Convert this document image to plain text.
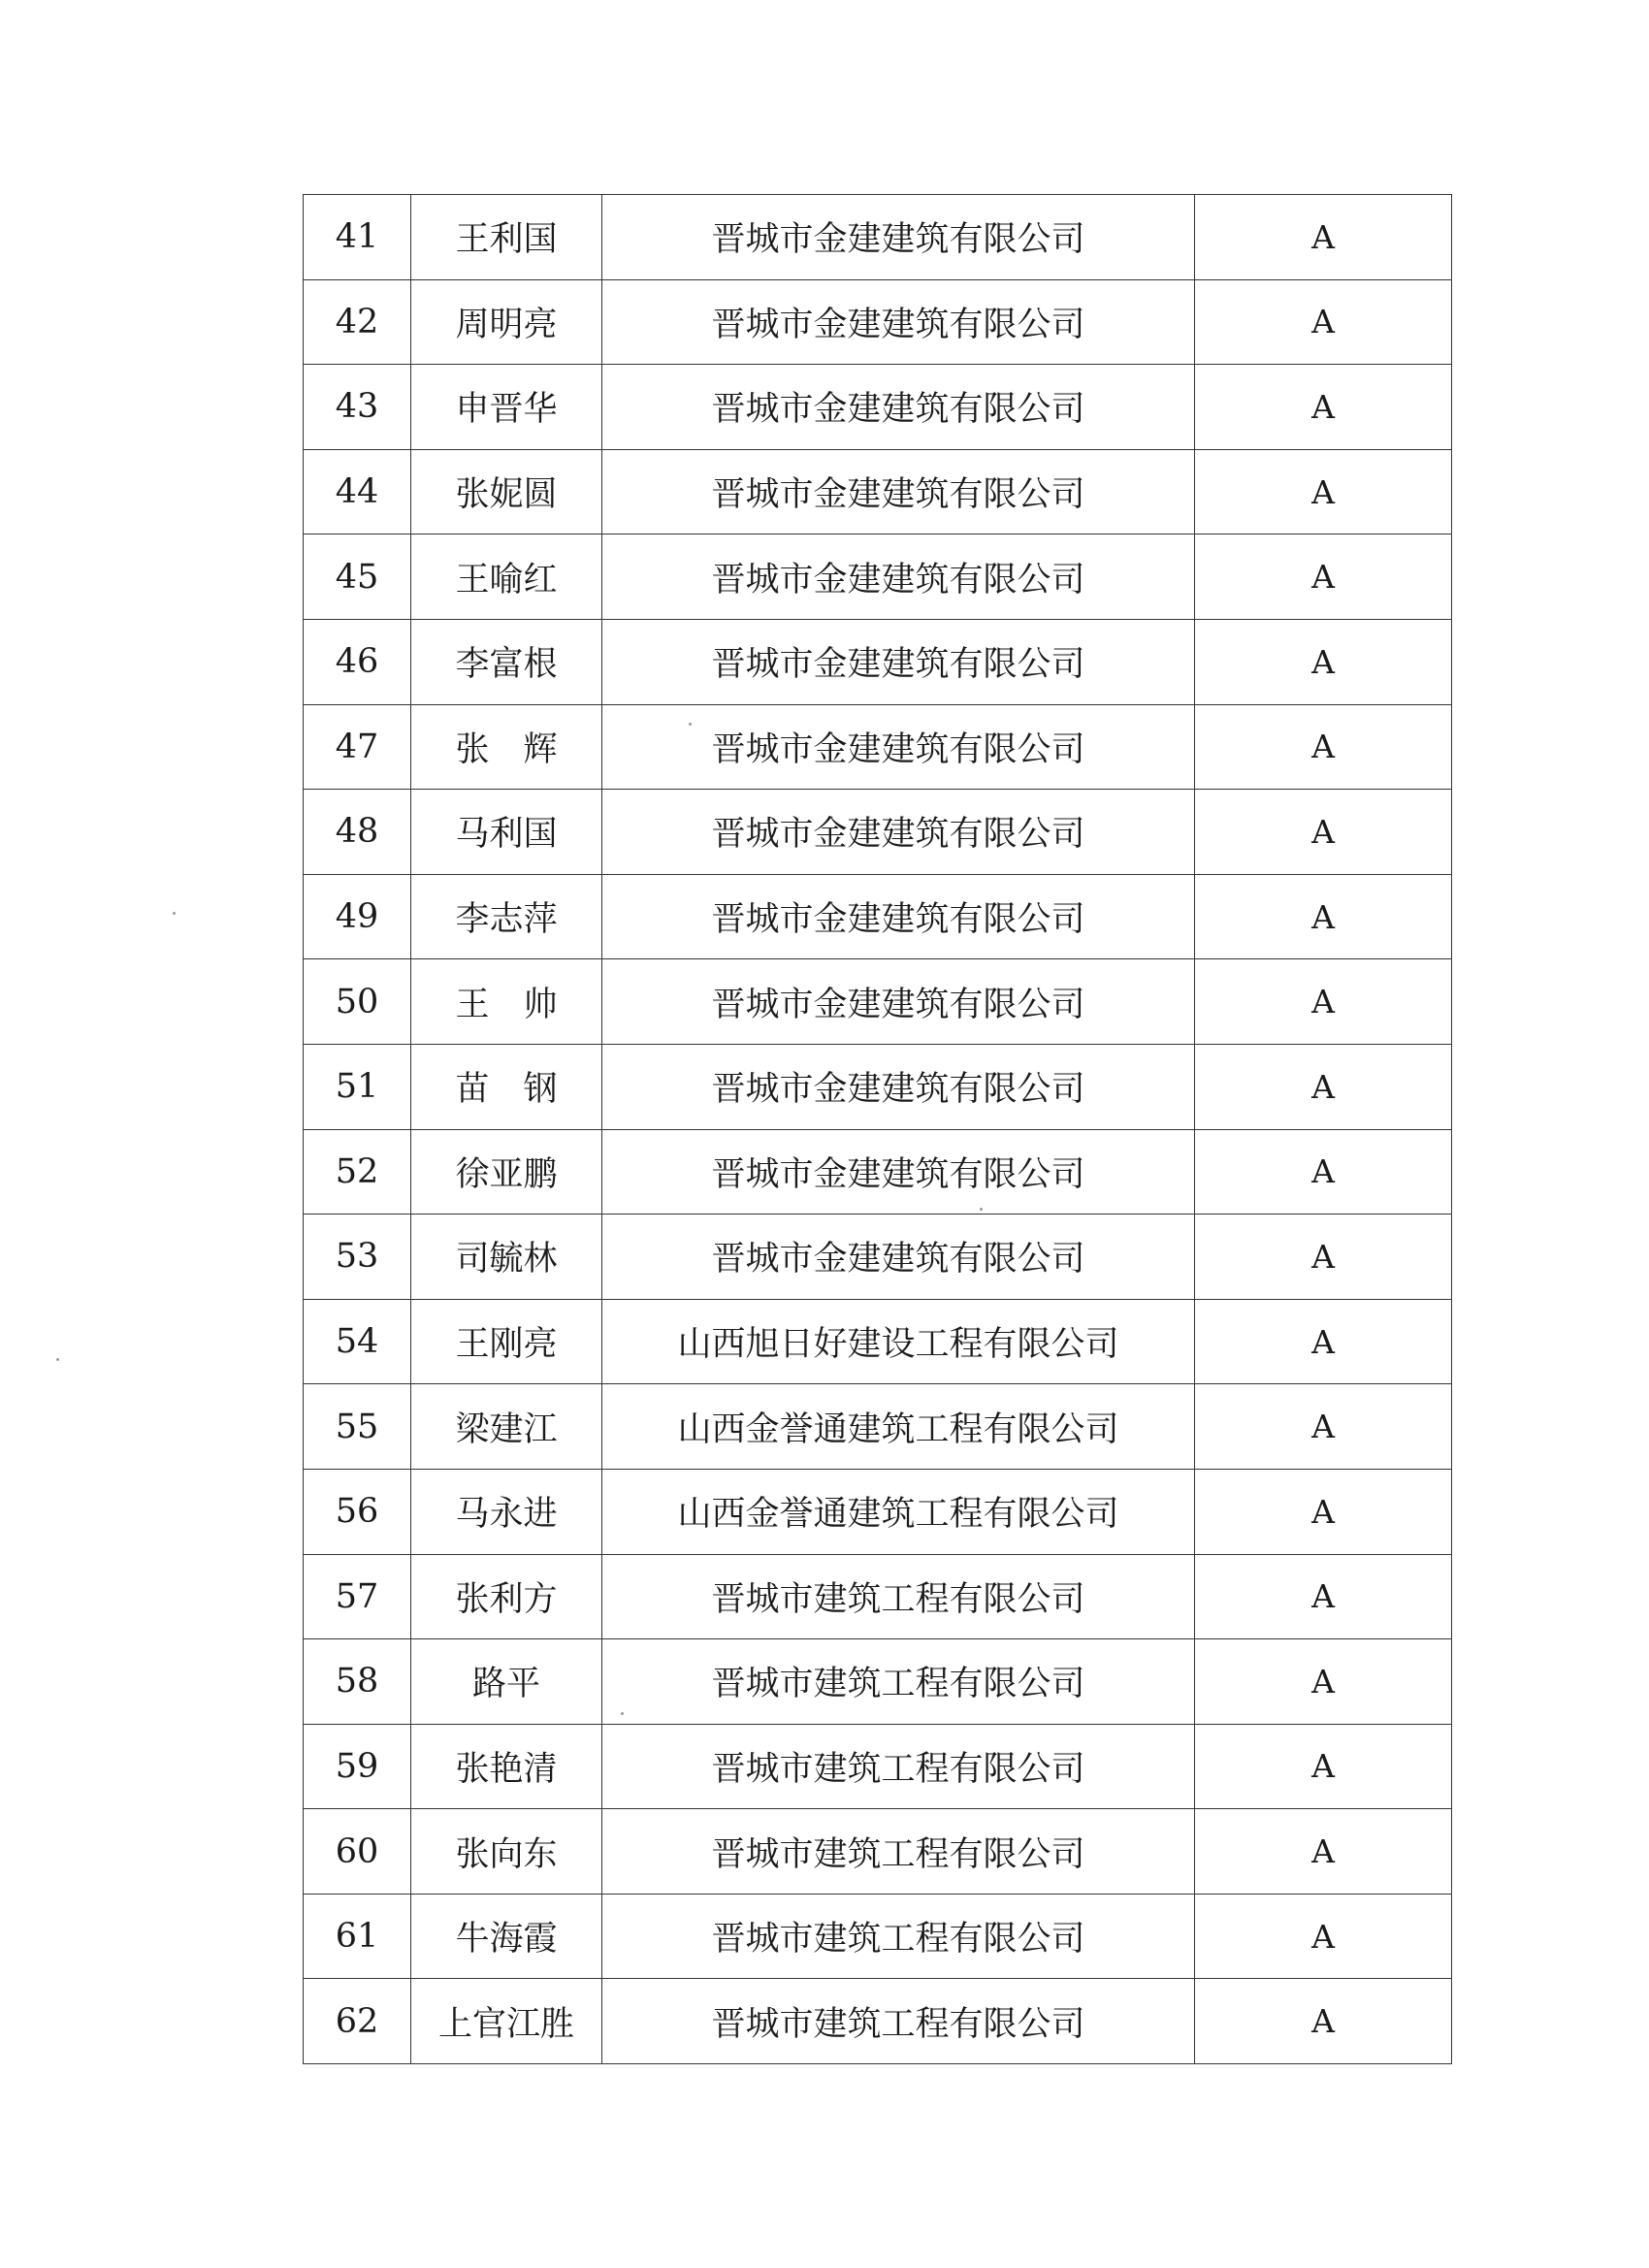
41	王利国	晋城市金建建筑有限公司	A
42	周明亮	晋城市金建建筑有限公司	A
43	申晋华	晋城市金建建筑有限公司	A
44	张妮圆	晋城市金建建筑有限公司	A
45	王喻红	晋城市金建建筑有限公司	A
46	李富根	晋城市金建建筑有限公司	A
47	张　辉	晋城市金建建筑有限公司	A
48	马利国	晋城市金建建筑有限公司	A
49	李志萍	晋城市金建建筑有限公司	A
50	王　帅	晋城市金建建筑有限公司	A
51	苗　钢	晋城市金建建筑有限公司	A
52	徐亚鹏	晋城市金建建筑有限公司	A
53	司毓林	晋城市金建建筑有限公司	A
54	王刚亮	山西旭日好建设工程有限公司	A
55	梁建江	山西金誉通建筑工程有限公司	A
56	马永进	山西金誉通建筑工程有限公司	A
57	张利方	晋城市建筑工程有限公司	A
58	路平	晋城市建筑工程有限公司	A
59	张艳清	晋城市建筑工程有限公司	A
60	张向东	晋城市建筑工程有限公司	A
61	牛海霞	晋城市建筑工程有限公司	A
62	上官江胜	晋城市建筑工程有限公司	A
